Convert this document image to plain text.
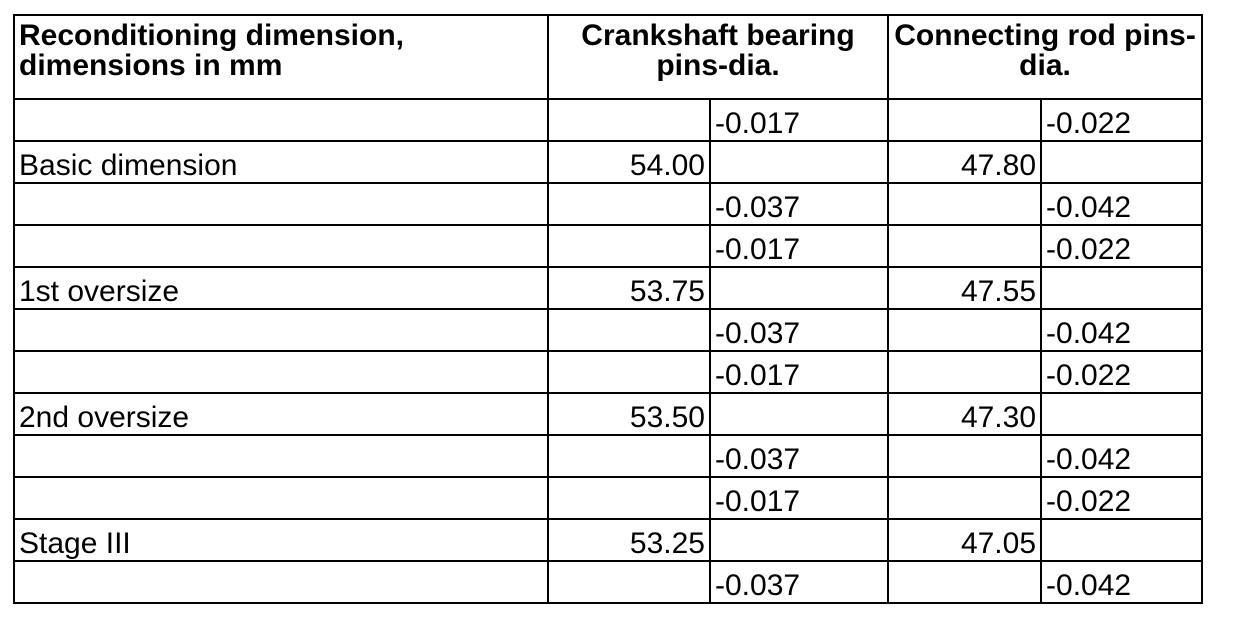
Reconditioning dimension, dimensions in mm	Crankshaft bearing pins-dia.		Connecting rod pins-dia.	
		-0.017		-0.022
Basic dimension	54.00		47.80	
		-0.037		-0.042
		-0.017		-0.022
1st oversize	53.75		47.55	
		-0.037		-0.042
		-0.017		-0.022
2nd oversize	53.50		47.30	
		-0.037		-0.042
		-0.017		-0.022
Stage III	53.25		47.05	
		-0.037		-0.042
